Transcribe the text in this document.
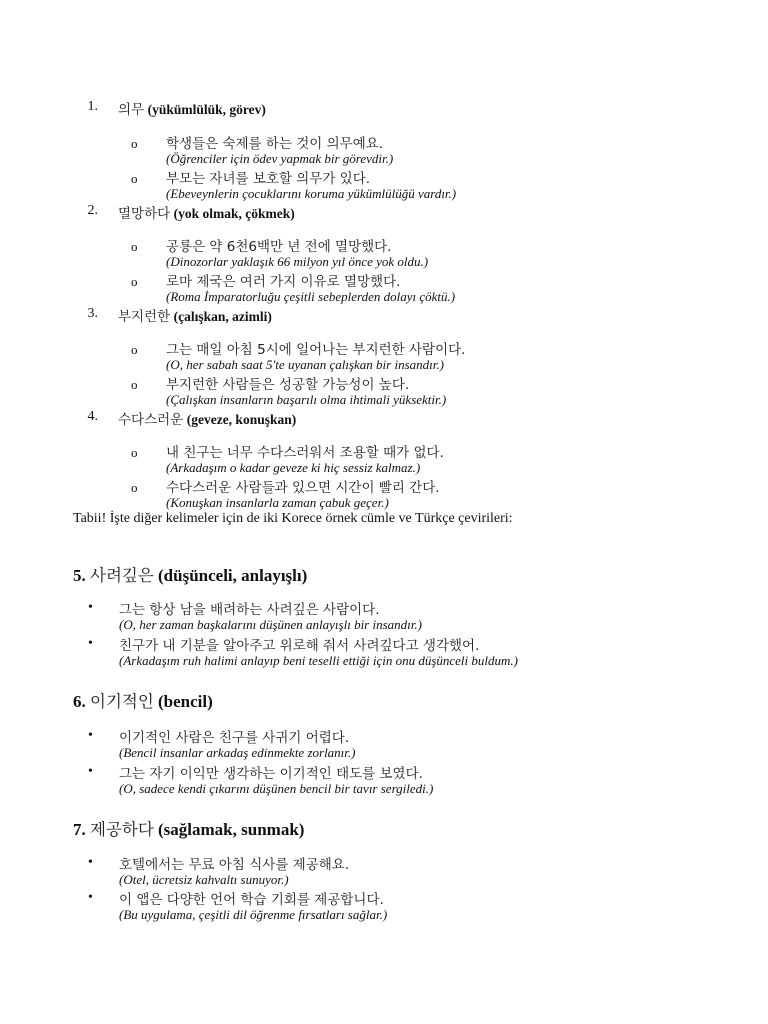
1. 의무 (yükümlülük, görev)
o 학생들은 숙제를 하는 것이 의무예요.
(Öğrenciler için ödev yapmak bir görevdir.)
o 부모는 자녀를 보호할 의무가 있다.
(Ebeveynlerin çocuklarını koruma yükümlülüğü vardır.)
2. 멸망하다 (yok olmak, çökmek)
o 공룡은 약 6천6백만 년 전에 멸망했다.
(Dinozorlar yaklaşık 66 milyon yıl önce yok oldu.)
o 로마 제국은 여러 가지 이유로 멸망했다.
(Roma İmparatorluğu çeşitli sebeplerden dolayı çöktü.)
3. 부지런한 (çalışkan, azimli)
o 그는 매일 아침 5시에 일어나는 부지런한 사람이다.
(O, her sabah saat 5'te uyanan çalışkan bir insandır.)
o 부지런한 사람들은 성공할 가능성이 높다.
(Çalışkan insanların başarılı olma ihtimali yüksektir.)
4. 수다스러운 (geveze, konuşkan)
o 내 친구는 너무 수다스러워서 조용할 때가 없다.
(Arkadaşım o kadar geveze ki hiç sessiz kalmaz.)
o 수다스러운 사람들과 있으면 시간이 빨리 간다.
(Konuşkan insanlarla zaman çabuk geçer.)
Tabii! İşte diğer kelimeler için de iki Korece örnek cümle ve Türkçe çevirileri:
5. 사려깊은 (düşünceli, anlayışlı)
• 그는 항상 남을 배려하는 사려깊은 사람이다.
(O, her zaman başkalarını düşünen anlayışlı bir insandır.)
• 친구가 내 기분을 알아주고 위로해 줘서 사려깊다고 생각했어.
(Arkadaşım ruh halimi anlayıp beni teselli ettiği için onu düşünceli buldum.)
6. 이기적인 (bencil)
• 이기적인 사람은 친구를 사귀기 어렵다.
(Bencil insanlar arkadaş edinmekte zorlanır.)
• 그는 자기 이익만 생각하는 이기적인 태도를 보였다.
(O, sadece kendi çıkarını düşünen bencil bir tavır sergiledi.)
7. 제공하다 (sağlamak, sunmak)
• 호텔에서는 무료 아침 식사를 제공해요.
(Otel, ücretsiz kahvaltı sunuyor.)
• 이 앱은 다양한 언어 학습 기회를 제공합니다.
(Bu uygulama, çeşitli dil öğrenme fırsatları sağlar.)
